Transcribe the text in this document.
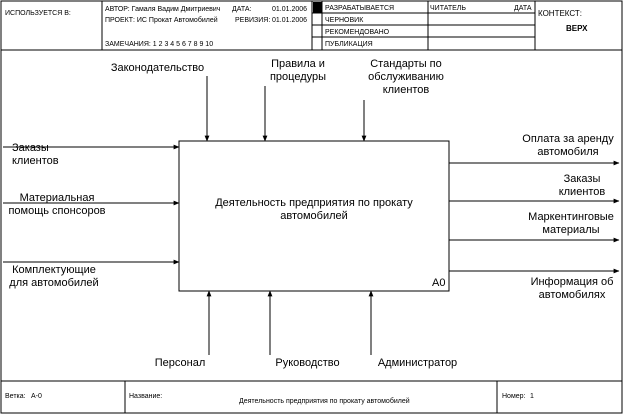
ИСПОЛЬЗУЕТСЯ В:
АВТОР: Гамаля Вадим Дмитриевич ДАТА:	01.01.2006
ПРОЕКТ: ИС Прокат Автомобилей РЕВИЗИЯ: 01.01.2006
ЗАМЕЧАНИЯ: 1 2 3 4 5 6 7 8 9 10
РАЗРАБАТЫВАЕТСЯ
ЧЕРНОВИК
РЕКОМЕНДОВАНО
ПУБЛИКАЦИЯ
ЧИТАТЕЛЬ	ДАТА
КОНТЕКСТ:
ВЕРХ
Деятельность предприятия по прокату автомобилей
A0
Законодательство	Правила и процедуры
Стандарты по обслуживанию клиентов
Заказы клиентов
Материальная помощь спонсоров
Комплектующие для автомобилей
Оплата за аренду автомобиля
Заказы клиентов
Маркентинговые материалы
Информация об автомобилях
Персонал	Руководство	Администратор
Ветка: A-0	Название:
Деятельность предприятия по прокату автомобилей
Номер: 1
